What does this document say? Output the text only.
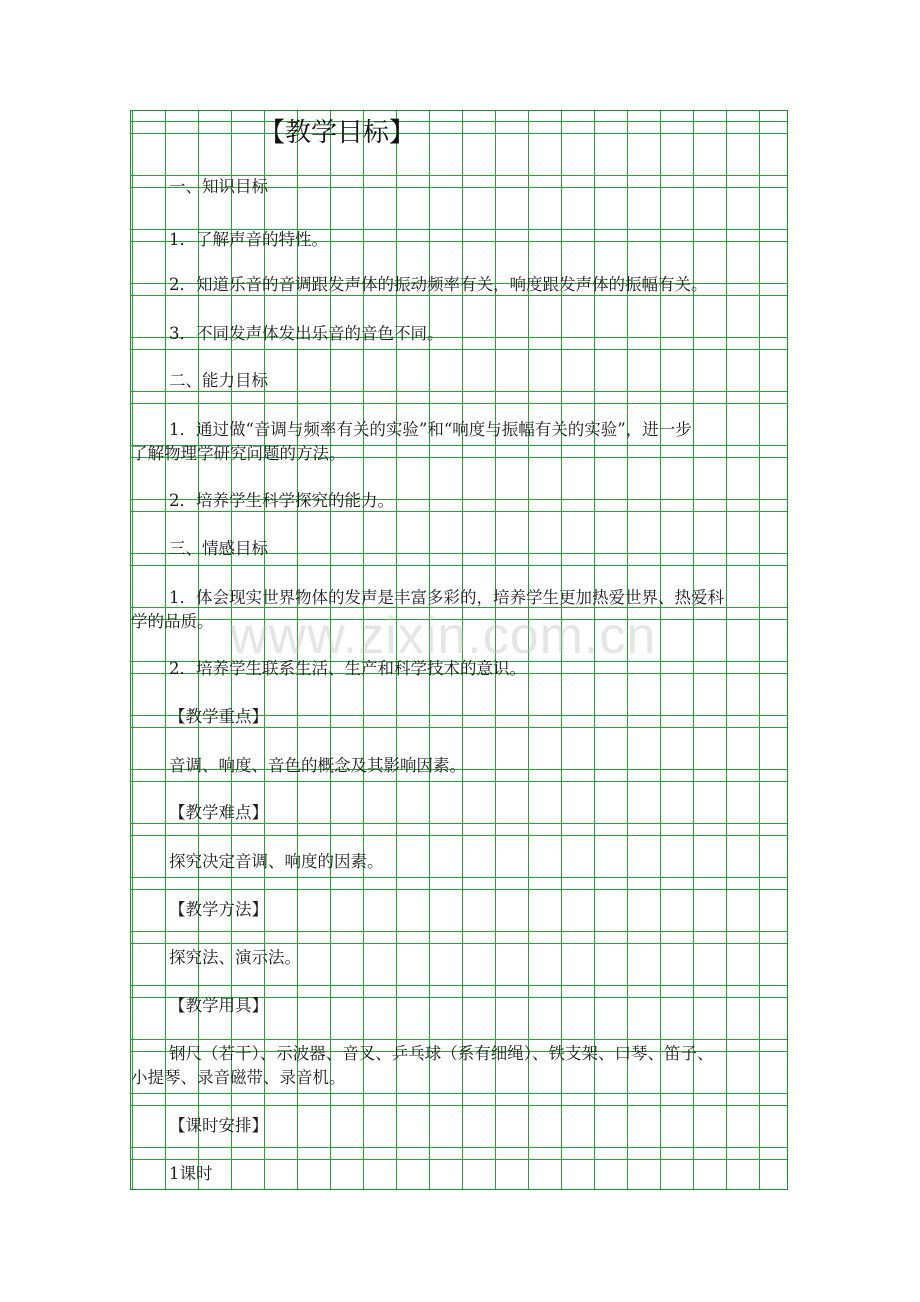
【教学目标】
一、知识目标
1．了解声音的特性。
2．知道乐音的音调跟发声体的振动频率有关，响度跟发声体的振幅有关。
3．不同发声体发出乐音的音色不同。
二、能力目标
1．通过做“音调与频率有关的实验”和“响度与振幅有关的实验”，进一步
了解物理学研究问题的方法。
2．培养学生科学探究的能力。
三、情感目标
1．体会现实世界物体的发声是丰富多彩的，培养学生更加热爱世界、热爱科
学的品质。
2．培养学生联系生活、生产和科学技术的意识。
【教学重点】
音调、响度、音色的概念及其影响因素。
【教学难点】
探究决定音调、响度的因素。
【教学方法】
探究法、演示法。
【教学用具】
钢尺（若干）、示波器、音叉、乒乓球（系有细绳）、铁支架、口琴、笛子、
小提琴、录音磁带、录音机。
【课时安排】
1课时
www.zixin.com.cn
